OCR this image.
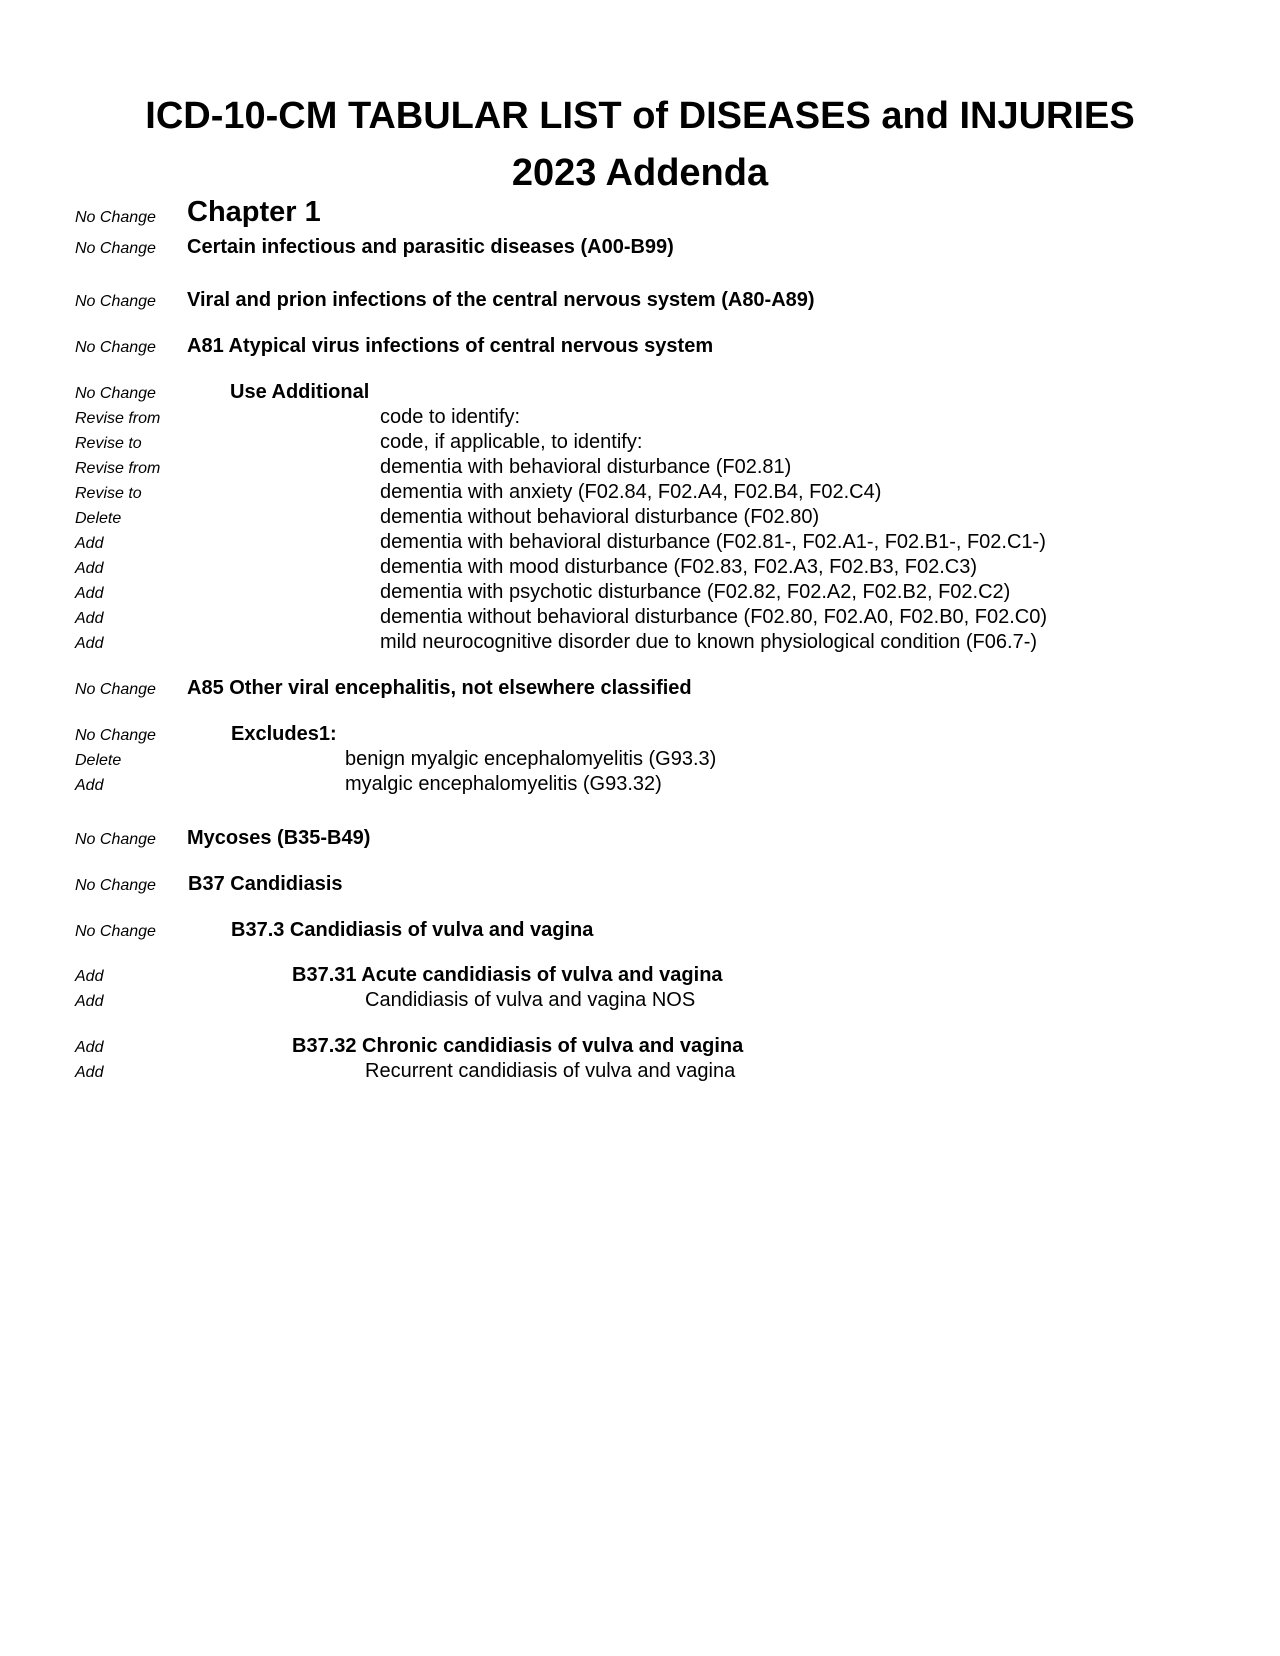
ICD-10-CM TABULAR LIST of DISEASES and INJURIES
2023 Addenda
No Change Chapter 1
No Change Certain infectious and parasitic diseases (A00-B99)
No Change Viral and prion infections of the central nervous system (A80-A89)
No Change A81 Atypical virus infections of central nervous system
No Change	Use Additional
Revise from	code to identify:
Revise to	code, if applicable, to identify:
Revise from	dementia with behavioral disturbance (F02.81)
Revise to	dementia with anxiety (F02.84, F02.A4, F02.B4, F02.C4)
Delete	dementia without behavioral disturbance (F02.80)
Add	dementia with behavioral disturbance (F02.81-, F02.A1-, F02.B1-, F02.C1-)
Add	dementia with mood disturbance (F02.83, F02.A3, F02.B3, F02.C3)
Add	dementia with psychotic disturbance (F02.82, F02.A2, F02.B2, F02.C2)
Add	dementia without behavioral disturbance (F02.80, F02.A0, F02.B0, F02.C0)
Add	mild neurocognitive disorder due to known physiological condition (F06.7-)
No Change A85 Other viral encephalitis, not elsewhere classified
No Change	Excludes1:
Delete	benign myalgic encephalomyelitis (G93.3)
Add	myalgic encephalomyelitis (G93.32)
No Change Mycoses (B35-B49)
No Change B37 Candidiasis
No Change	B37.3 Candidiasis of vulva and vagina
Add	B37.31 Acute candidiasis of vulva and vagina
Add	Candidiasis of vulva and vagina NOS
Add	B37.32 Chronic candidiasis of vulva and vagina
Add	Recurrent candidiasis of vulva and vagina
